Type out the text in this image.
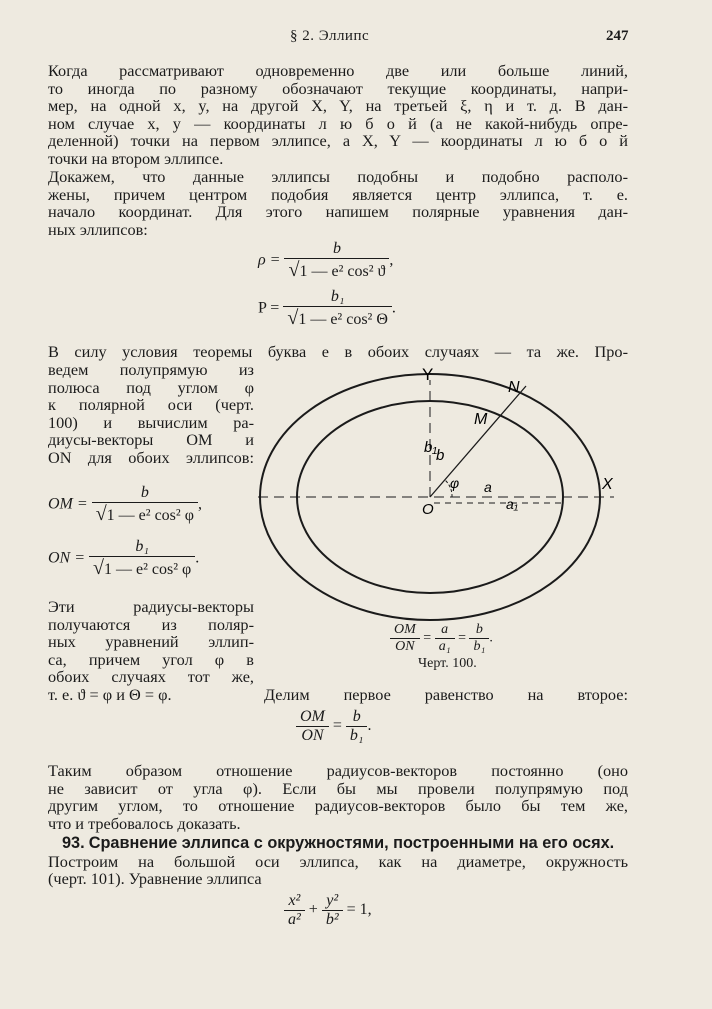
§ 2. Эллипс	247
Когда рассматривают одновременно две или больше линий,
то иногда по разному обозначают текущие координаты, напри-
мер, на одной x, y, на другой X, Y, на третьей ξ, η и т. д. В дан-
ном случае x, y — координаты л ю б о й (а не какой-нибудь опре-
деленной) точки на первом эллипсе, а X, Y — координаты л ю б о й
точки на втором эллипсе.
Докажем, что данные эллипсы подобны и подобно располо-
жены, причем центром подобия является центр эллипса, т. е.
начало координат. Для этого напишем полярные уравнения дан-
ных эллипсов:
$\rho = \frac{b}{\text{√1 — e² cos² ϑ}}$ ,
$P = \frac{\text{b₁}}{\text{√1 — e² cos² Θ}}$ .
В силу условия теоремы буква e в обоих случаях — та же. Про-
ведем полупрямую из
полюса под углом φ
к полярной оси (черт.
100) и вычислим ра-
диусы-векторы OM и
ON для обоих эллипсов:
OM = $\frac{b}{\text{√1 — e² cos² φ}}$ ,
ON = $\frac{\text{b₁}}{\text{√1 — e² cos² φ}}$ .
Эти радиусы-векторы
получаются из поляр-
ных уравнений эллип-
са, причем угол φ в
обоих случаях тот же,
т. е. ϑ = φ и Θ = φ.	Делим первое равенство на второе:
$\frac{OM}{ON} = \frac{b}{\text{b₁}}$ .
Y
N
M
b₁
b
φ a
a₁
X
O
$\frac{OM}{ON} = \frac{a}{\text{a₁}} = \frac{b}{\text{b₁}}$ .
Черт. 100.
Таким образом отношение радиусов-векторов постоянно (оно
не зависит от угла φ). Если бы мы провели полупрямую под
другим углом, то отношение радиусов-векторов было бы тем же,
что и требовалось доказать.
93. Сравнение эллипса с окружностями, построенными на его осях.
Построим на большой оси эллипса, как на диаметре, окружность
(черт. 101). Уравнение эллипса
$\frac{\text{x²}}{\text{a²}} + \frac{\text{y²}}{\text{b²}} = 1$,
